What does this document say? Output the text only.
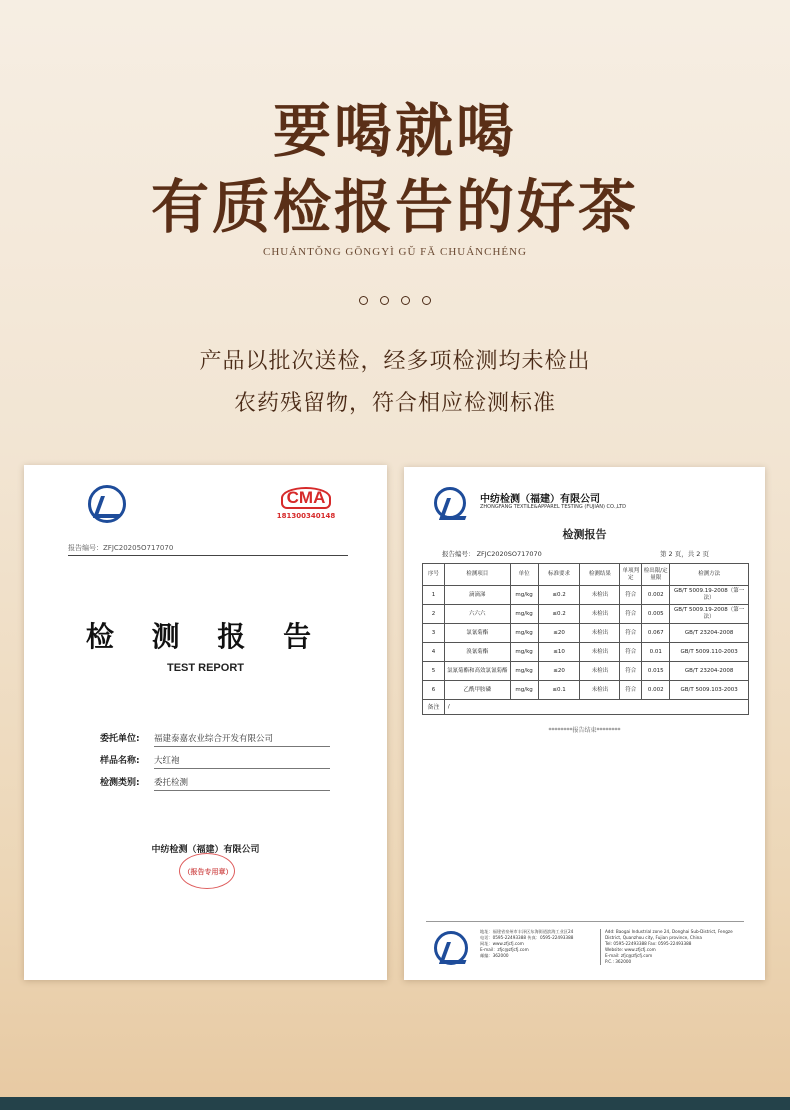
要喝就喝
有质检报告的好茶
CHUÁNTǑNG GŌNGYÌ GǓ FǍ CHUÁNCHÉNG
产品以批次送检，经多项检测均未检出
农药残留物，符合相应检测标准
CMA
181300340148
报告编号：ZFJC20205O717070
检 测 报 告
TEST REPORT
委托单位: 福建泰嘉农业综合开发有限公司
样品名称: 大红袍
检测类别: 委托检测
中纺检测（福建）有限公司
（报告专用章）
中纺检测（福建）有限公司
ZHONGFANG TEXTILE&APPAREL TESTING (FUJIAN) CO.,LTD
检测报告
报告编号： ZFJC2020SO717070	第 2 页，共 2 页
序号	检测项目	单位	标准要求	检测结果	单项判定	检出限/定量限	检测方法
1	滴滴涕	mg/kg	≤0.2	未检出	符合	0.002	GB/T 5009.19-2008（第一法）
2	六六六	mg/kg	≤0.2	未检出	符合	0.005	GB/T 5009.19-2008（第一法）
3	氯氰菊酯	mg/kg	≤20	未检出	符合	0.067	GB/T 23204-2008
4	溴氰菊酯	mg/kg	≤10	未检出	符合	0.01	GB/T 5009.110-2003
5	氯氰菊酯和高效氯氰菊酯	mg/kg	≤20	未检出	符合	0.015	GB/T 23204-2008
6	乙酰甲胺磷	mg/kg	≤0.1	未检出	符合	0.002	GB/T 5009.103-2003
备注	/						
********报告结束********
地址：福建省泉州市丰泽区东海街道滨海工业区24
电话：0595-22493388 传真：0595-22493388
网址：www.zfjcfj.com
E-mail：zfjc@zfjcfj.com
邮编：362000
Add: Baogai Industrial zone 24, Donghai Sub-District, Fengze
District, Quanzhou city, Fujian province, China
Tel: 0595-22493388 Fax: 0595-22493388
Website: www.zfjcfj.com
E-mail: zfjc@zfjcfj.com
P.C.: 362000
